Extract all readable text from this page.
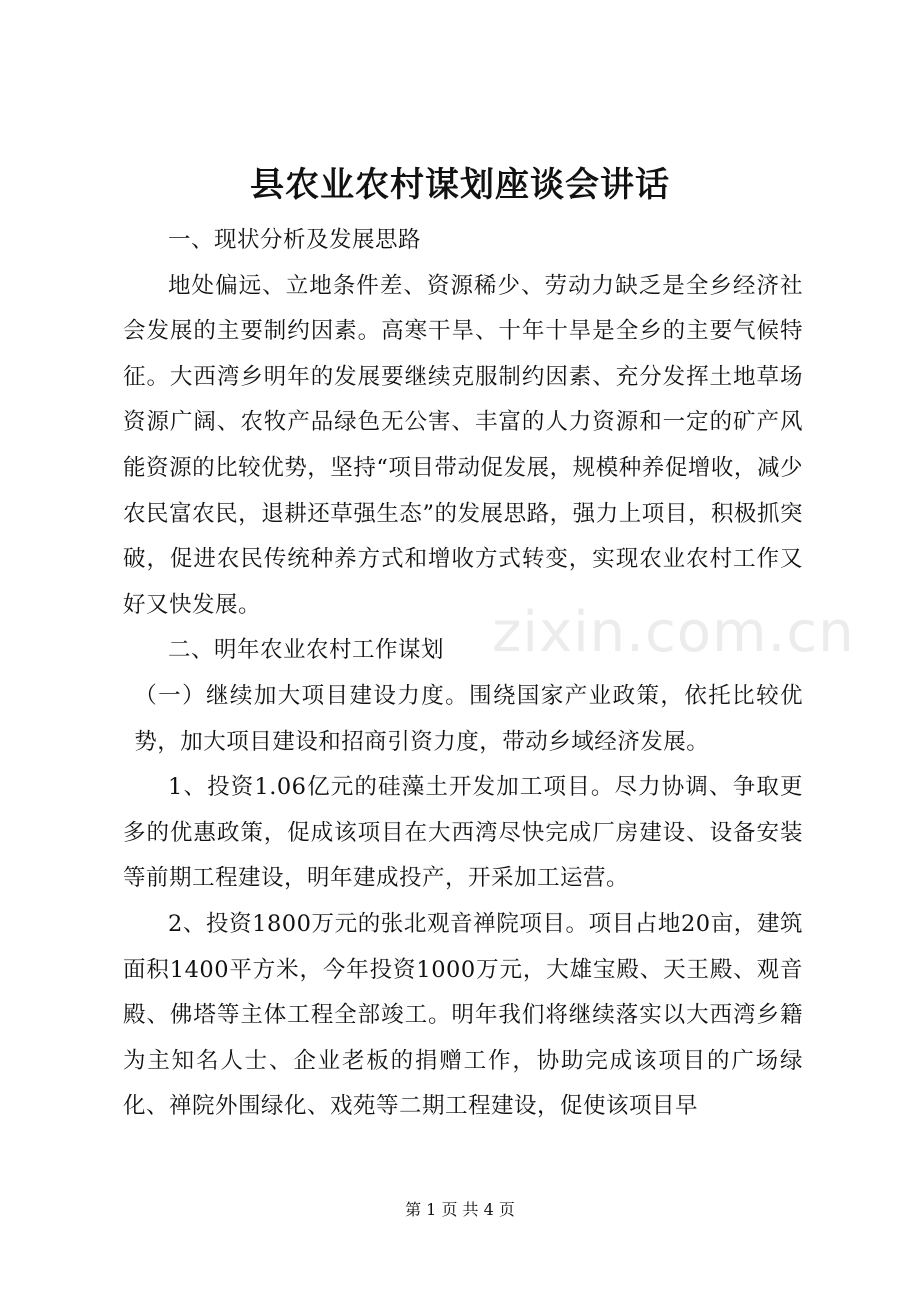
县农业农村谋划座谈会讲话

一、现状分析及发展思路

地处偏远、立地条件差、资源稀少、劳动力缺乏是全乡经济社会发展的主要制约因素。高寒干旱、十年十旱是全乡的主要气候特征。大西湾乡明年的发展要继续克服制约因素、充分发挥土地草场资源广阔、农牧产品绿色无公害、丰富的人力资源和一定的矿产风能资源的比较优势，坚持“项目带动促发展，规模种养促增收，减少农民富农民，退耕还草强生态”的发展思路，强力上项目，积极抓突破，促进农民传统种养方式和增收方式转变，实现农业农村工作又好又快发展。

二、明年农业农村工作谋划

（一）继续加大项目建设力度。围绕国家产业政策，依托比较优势，加大项目建设和招商引资力度，带动乡域经济发展。

1、投资1.06亿元的硅藻土开发加工项目。尽力协调、争取更多的优惠政策，促成该项目在大西湾尽快完成厂房建设、设备安装等前期工程建设，明年建成投产，开采加工运营。

2、投资1800万元的张北观音禅院项目。项目占地20亩，建筑面积1400平方米，今年投资1000万元，大雄宝殿、天王殿、观音殿、佛塔等主体工程全部竣工。明年我们将继续落实以大西湾乡籍为主知名人士、企业老板的捐赠工作，协助完成该项目的广场绿化、禅院外围绿化、戏苑等二期工程建设，促使该项目早

zixin.com.cn
第 1 页 共 4 页
